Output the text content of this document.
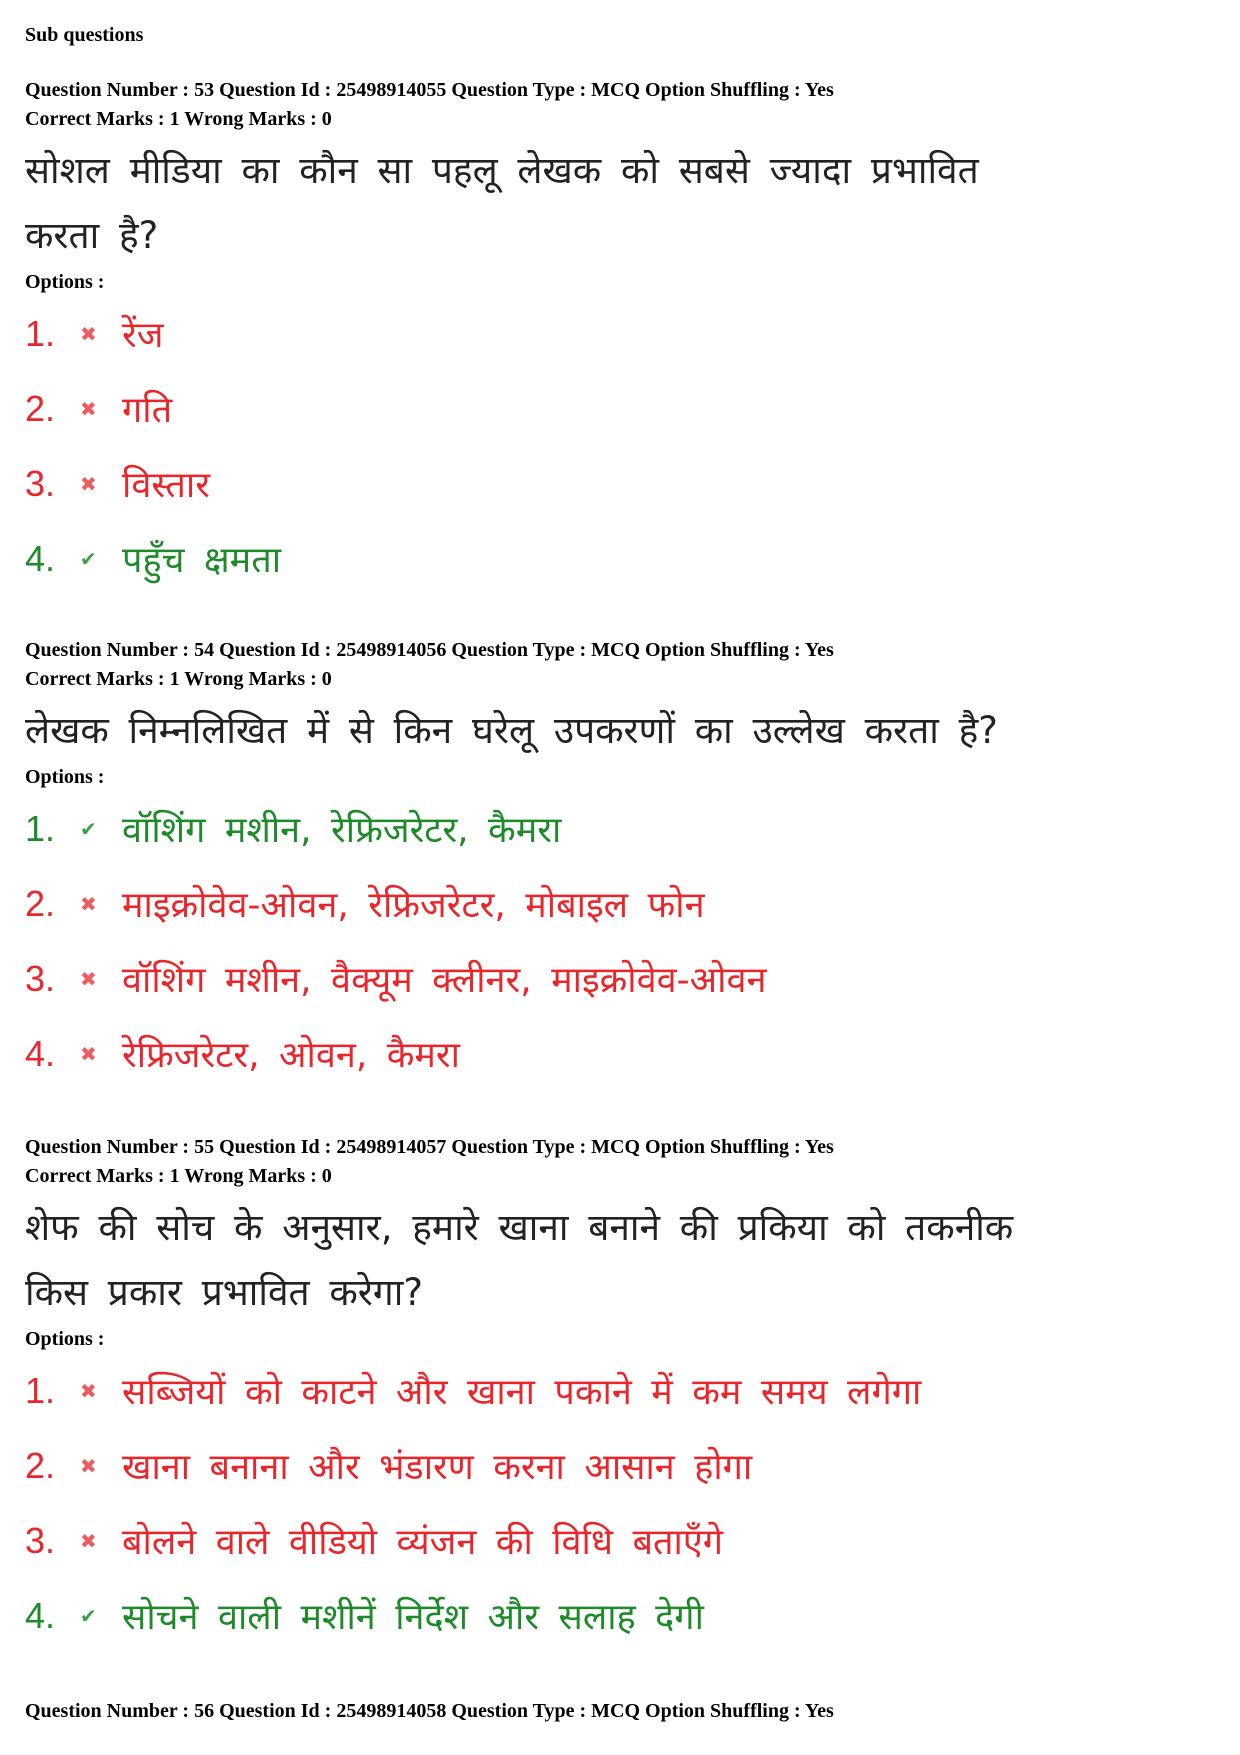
Sub questions
Question Number : 53 Question Id : 25498914055 Question Type : MCQ Option Shuffling : Yes
Correct Marks : 1 Wrong Marks : 0
सोशल मीडिया का कौन सा पहलू लेखक को सबसे ज्यादा प्रभावित करता है?
Options :
1.	✖ रेंज
2.	✖ गति
3.	✖ विस्तार
4.	✔ पहुँच क्षमता
Question Number : 54 Question Id : 25498914056 Question Type : MCQ Option Shuffling : Yes
Correct Marks : 1 Wrong Marks : 0
लेखक निम्नलिखित में से किन घरेलू उपकरणों का उल्लेख करता है?
Options :
1.	✔ वॉशिंग मशीन, रेफ्रिजरेटर, कैमरा
2.	✖ माइक्रोवेव-ओवन, रेफ्रिजरेटर, मोबाइल फोन
3.	✖ वॉशिंग मशीन, वैक्यूम क्लीनर, माइक्रोवेव-ओवन
4.	✖ रेफ्रिजरेटर, ओवन, कैमरा
Question Number : 55 Question Id : 25498914057 Question Type : MCQ Option Shuffling : Yes
Correct Marks : 1 Wrong Marks : 0
शेफ की सोच के अनुसार, हमारे खाना बनाने की प्रकिया को तकनीक किस प्रकार प्रभावित करेगा?
Options :
1.	✖ सब्जियों को काटने और खाना पकाने में कम समय लगेगा
2.	✖ खाना बनाना और भंडारण करना आसान होगा
3.	✖ बोलने वाले वीडियो व्यंजन की विधि बताएँगे
4.	✔ सोचने वाली मशीनें निर्देश और सलाह देगी
Question Number : 56 Question Id : 25498914058 Question Type : MCQ Option Shuffling : Yes
